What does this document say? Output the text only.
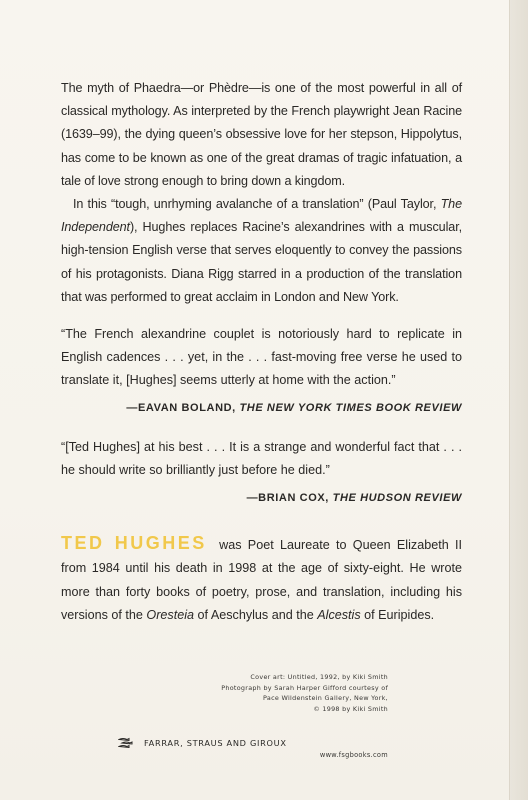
The myth of Phaedra—or Phèdre—is one of the most powerful in all of classical mythology. As interpreted by the French playwright Jean Racine (1639–99), the dying queen’s obsessive love for her stepson, Hippolytus, has come to be known as one of the great dramas of tragic infatuation, a tale of love strong enough to bring down a kingdom.

In this “tough, unrhyming avalanche of a translation” (Paul Taylor, The Independent), Hughes replaces Racine’s alexandrines with a muscular, high-tension English verse that serves eloquently to convey the passions of his protagonists. Diana Rigg starred in a production of the translation that was performed to great acclaim in London and New York.

“The French alexandrine couplet is notoriously hard to replicate in English cadences . . . yet, in the . . . fast-moving free verse he used to translate it, [Hughes] seems utterly at home with the action.”

—EAVAN BOLAND, THE NEW YORK TIMES BOOK REVIEW

“[Ted Hughes] at his best . . . It is a strange and wonderful fact that . . . he should write so brilliantly just before he died.”

—BRIAN COX, THE HUDSON REVIEW
TED HUGHES was Poet Laureate to Queen Elizabeth II from 1984 until his death in 1998 at the age of sixty-eight. He wrote more than forty books of poetry, prose, and translation, including his versions of the Oresteia of Aeschylus and the Alcestis of Euripides.
Cover art: Untitled, 1992, by Kiki Smith
Photograph by Sarah Harper Gifford courtesy of
Pace Wildenstein Gallery, New York,
© 1998 by Kiki Smith
FARRAR, STRAUS AND GIROUX
www.fsgbooks.com
